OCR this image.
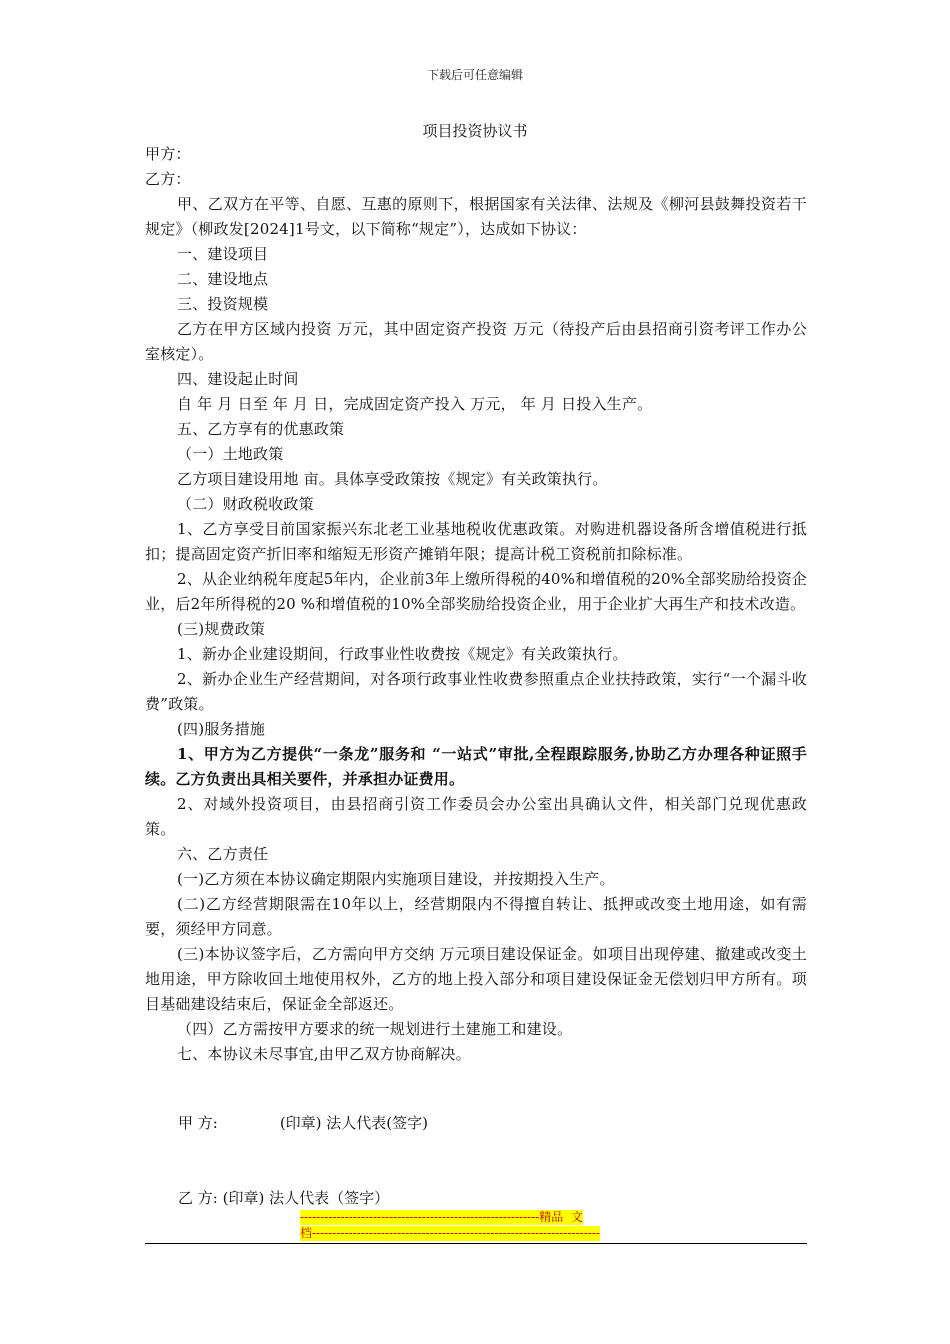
下载后可任意编辑
项目投资协议书

甲方：

乙方：

甲、乙双方在平等、自愿、互惠的原则下，根据国家有关法律、法规及《柳河县鼓舞投资若干规定》（柳政发[2024]1号文，以下简称“规定”），达成如下协议：

一、建设项目

二、建设地点

三、投资规模

乙方在甲方区域内投资 万元，其中固定资产投资 万元（待投产后由县招商引资考评工作办公室核定）。

四、建设起止时间

自 年 月 日至 年 月 日，完成固定资产投入 万元， 年 月 日投入生产。

五、乙方享有的优惠政策

（一）土地政策

乙方项目建设用地 亩。具体享受政策按《规定》有关政策执行。

（二）财政税收政策

1、乙方享受目前国家振兴东北老工业基地税收优惠政策。对购进机器设备所含增值税进行抵扣；提高固定资产折旧率和缩短无形资产摊销年限；提高计税工资税前扣除标准。

2、从企业纳税年度起5年内，企业前3年上缴所得税的40%和增值税的20%全部奖励给投资企业，后2年所得税的20 %和增值税的10%全部奖励给投资企业，用于企业扩大再生产和技术改造。

(三)规费政策

1、新办企业建设期间，行政事业性收费按《规定》有关政策执行。

2、新办企业生产经营期间，对各项行政事业性收费参照重点企业扶持政策，实行“一个漏斗收费”政策。

(四)服务措施

1、甲方为乙方提供“一条龙”服务和 “一站式”审批,全程跟踪服务,协助乙方办理各种证照手续。乙方负责出具相关要件，并承担办证费用。

2、对域外投资项目，由县招商引资工作委员会办公室出具确认文件，相关部门兑现优惠政策。

六、乙方责任

(一)乙方须在本协议确定期限内实施项目建设，并按期投入生产。

(二)乙方经营期限需在10年以上，经营期限内不得擅自转让、抵押或改变土地用途，如有需要，须经甲方同意。

(三)本协议签字后，乙方需向甲方交纳 万元项目建设保证金。如项目出现停建、撤建或改变土地用途，甲方除收回土地使用权外，乙方的地上投入部分和项目建设保证金无偿划归甲方所有。项目基础建设结束后，保证金全部返还。

（四）乙方需按甲方要求的统一规划进行土建施工和建设。

七、本协议未尽事宜,由甲乙双方协商解决。

甲 方:	(印章) 法人代表(签字)
乙 方: (印章) 法人代表（签字）
-----------------------------------------------------------精品  文
档-----------------------------------------------------------------------
